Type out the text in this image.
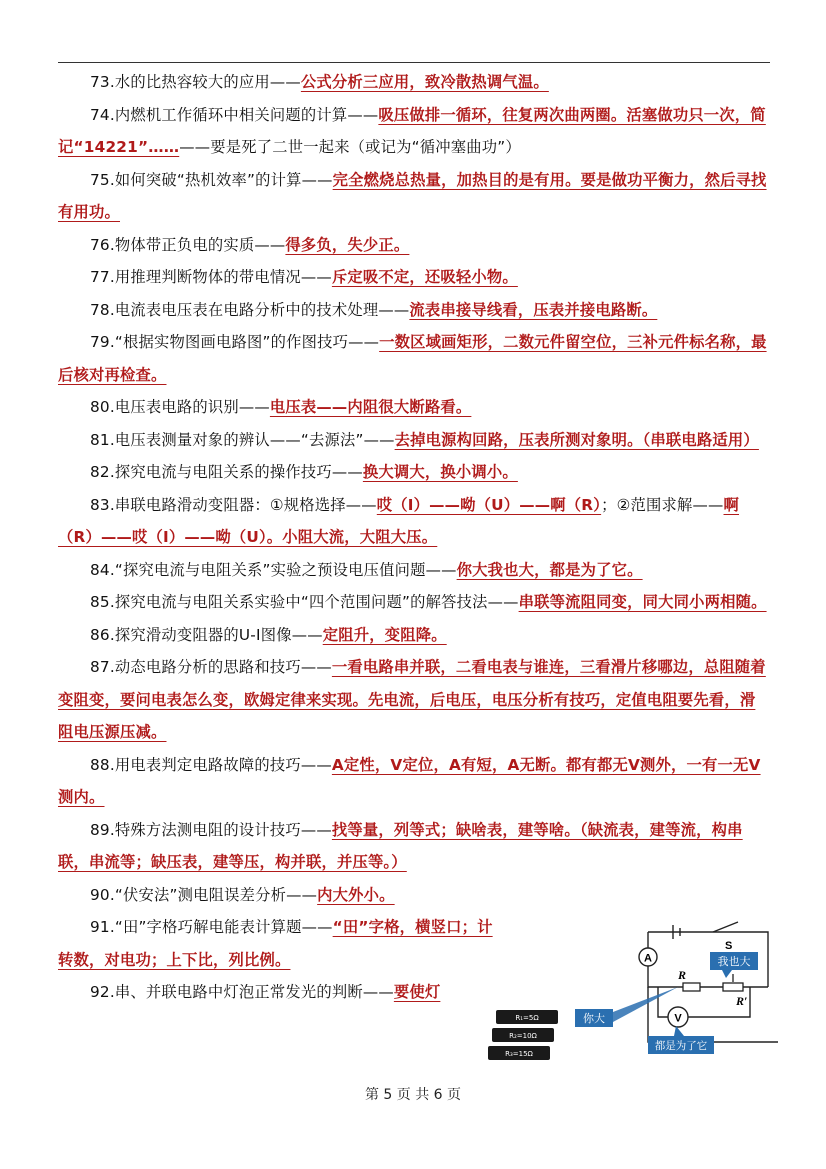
73.水的比热容较大的应用——公式分析三应用，致冷散热调气温。

74.内燃机工作循环中相关问题的计算——吸压做排一循环，往复两次曲两圈。活塞做功只一次，简记“14221”……——要是死了二世一起来（或记为“循冲塞曲功”）

75.如何突破“热机效率”的计算——完全燃烧总热量，加热目的是有用。要是做功平衡力，然后寻找有用功。

76.物体带正负电的实质——得多负，失少正。

77.用推理判断物体的带电情况——斥定吸不定，还吸轻小物。

78.电流表电压表在电路分析中的技术处理——流表串接导线看，压表并接电路断。

79.“根据实物图画电路图”的作图技巧——一数区域画矩形，二数元件留空位，三补元件标名称，最后核对再检查。

80.电压表电路的识别——电压表——内阻很大断路看。

81.电压表测量对象的辨认——“去源法”——去掉电源构回路，压表所测对象明。（串联电路适用）

82.探究电流与电阻关系的操作技巧——换大调大，换小调小。

83.串联电路滑动变阻器：①规格选择——哎（I）——呦（U）——啊（R）；②范围求解——啊（R）——哎（I）——呦（U）。小阻大流，大阻大压。

84.“探究电流与电阻关系”实验之预设电压值问题——你大我也大，都是为了它。

85.探究电流与电阻关系实验中“四个范围问题”的解答技法——串联等流阻同变，同大同小两相随。

86.探究滑动变阻器的U-I图像——定阻升，变阻降。

87.动态电路分析的思路和技巧——一看电路串并联，二看电表与谁连，三看滑片移哪边，总阻随着变阻变，要问电表怎么变，欧姆定律来实现。先电流，后电压，电压分析有技巧，定值电阻要先看，滑阻电压源压减。

88.用电表判定电路故障的技巧——A定性，V定位，A有短，A无断。都有都无V测外，一有一无V测内。

89.特殊方法测电阻的设计技巧——找等量，列等式；缺啥表，建等啥。（缺流表，建等流，构串联，串流等；缺压表，建等压，构并联，并压等。）

90.“伏安法”测电阻误差分析——内大外小。

91.“田”字格巧解电能表计算题——“田”字格，横竖口；计转数，对电功；上下比，列比例。

92.串、并联电路中灯泡正常发光的判断——要使灯

A
V
S
R
R′
我也大
你大
都是为了它
R₁=5Ω
R₂=10Ω
R₃=15Ω
第 5 页 共 6 页
